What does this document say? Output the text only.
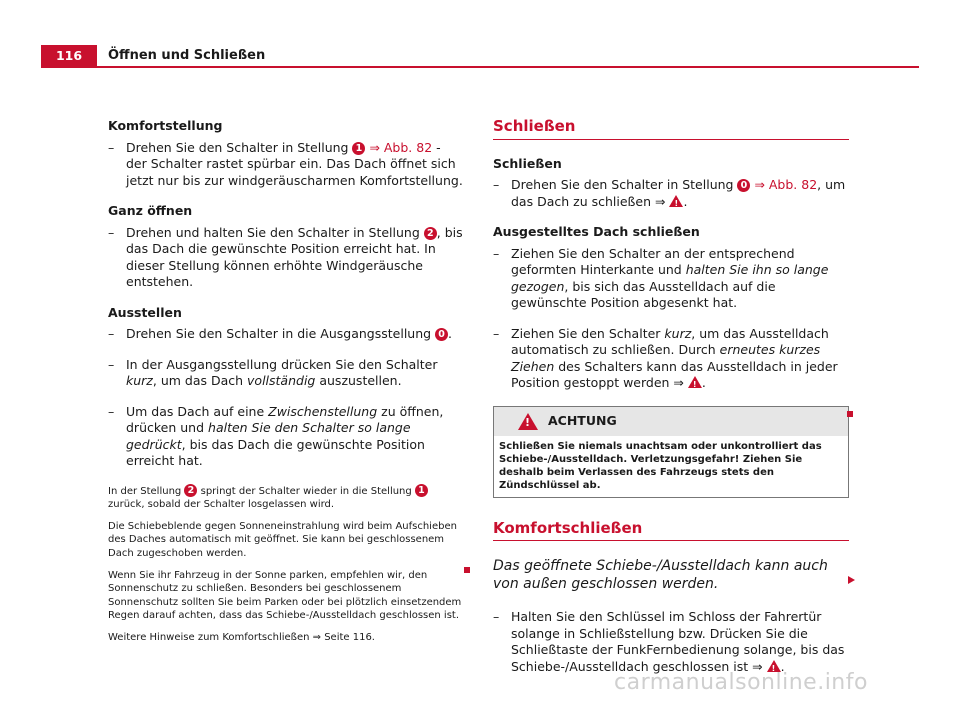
116	Öffnen und Schließen

Komfortstellung

– Drehen Sie den Schalter in Stellung 1 ⇒ Abb. 82 - der Schalter rastet spürbar ein. Das Dach öffnet sich jetzt nur bis zur windgeräuscharmen Komfortstellung.

Ganz öffnen

– Drehen und halten Sie den Schalter in Stellung 2 , bis das Dach die gewünschte Position erreicht hat. In dieser Stellung können erhöhte Windgeräusche entstehen.

Ausstellen

– Drehen Sie den Schalter in die Ausgangsstellung 0 .
– In der Ausgangsstellung drücken Sie den Schalter kurz, um das Dach vollständig auszustellen.
– Um das Dach auf eine Zwischenstellung zu öffnen, drücken und halten Sie den Schalter so lange gedrückt, bis das Dach die gewünschte Position erreicht hat.

In der Stellung 2 springt der Schalter wieder in die Stellung 1 zurück, sobald der Schalter losgelassen wird.

Die Schiebeblende gegen Sonneneinstrahlung wird beim Aufschieben des Daches automatisch mit geöffnet. Sie kann bei geschlossenem Dach zugeschoben werden.

Wenn Sie ihr Fahrzeug in der Sonne parken, empfehlen wir, den Sonnenschutz zu schließen. Besonders bei geschlossenem Sonnenschutz sollten Sie beim Parken oder bei plötzlich einsetzendem Regen darauf achten, dass das Schiebe-/Ausstelldach geschlossen ist.

Weitere Hinweise zum Komfortschließen ⇒ Seite 116.

Schließen

Schließen

– Drehen Sie den Schalter in Stellung 0 ⇒ Abb. 82, um das Dach zu schließen ⇒ !.

Ausgestelltes Dach schließen

– Ziehen Sie den Schalter an der entsprechend geformten Hinterkante und halten Sie ihn so lange gezogen, bis sich das Ausstelldach auf die gewünschte Position abgesenkt hat.
– Ziehen Sie den Schalter kurz, um das Ausstelldach automatisch zu schließen. Durch erneutes kurzes Ziehen des Schalters kann das Ausstelldach in jeder Position gestoppt werden ⇒ !.
!
ACHTUNG
Schließen Sie niemals unachtsam oder unkontrolliert das Schiebe-/Ausstelldach. Verletzungsgefahr! Ziehen Sie deshalb beim Verlassen des Fahrzeugs stets den Zündschlüssel ab.

Komfortschließen

Das geöffnete Schiebe-/Ausstelldach kann auch von außen geschlossen werden.

– Halten Sie den Schlüssel im Schloss der Fahrertür solange in Schließstellung bzw. Drücken Sie die Schließtaste der FunkFernbedienung solange, bis das Schiebe-/Ausstelldach geschlossen ist ⇒ !.
carmanualsonline.info
